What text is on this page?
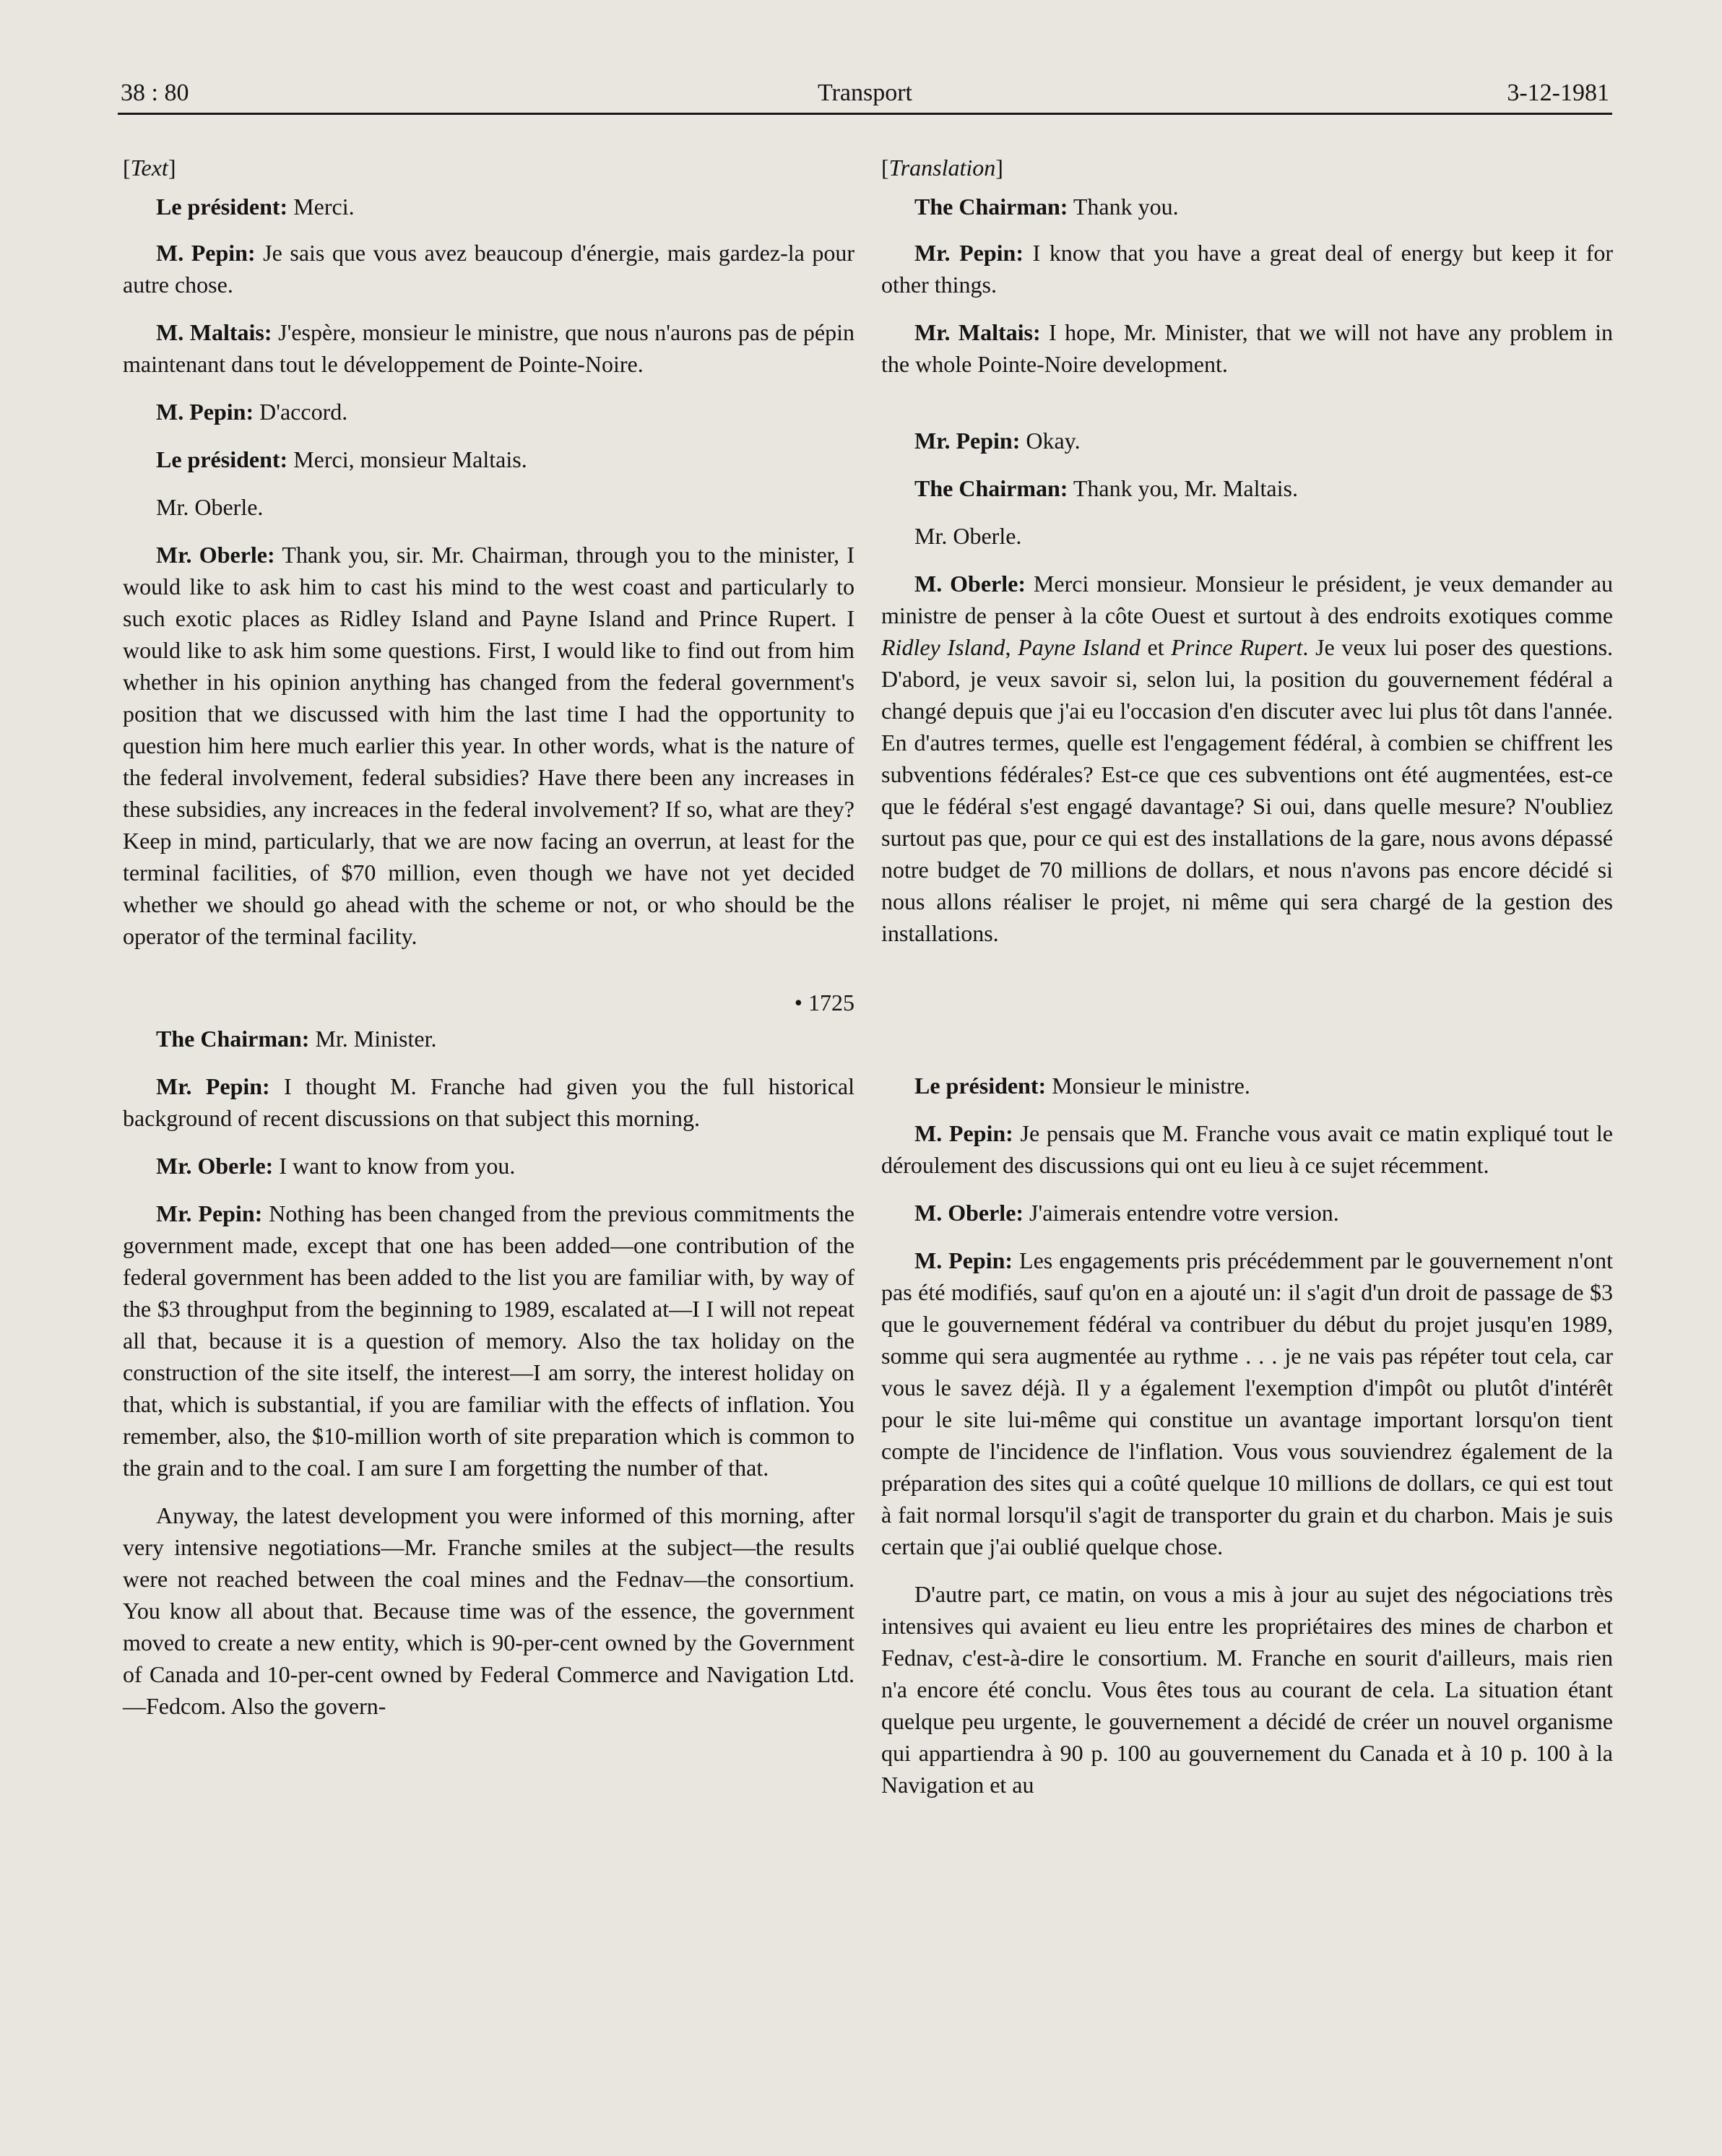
38 : 80	Transport	3-12-1981

[Text]

Le président: Merci.

M. Pepin: Je sais que vous avez beaucoup d'énergie, mais gardez-la pour autre chose.

M. Maltais: J'espère, monsieur le ministre, que nous n'aurons pas de pépin maintenant dans tout le développement de Pointe-Noire.

M. Pepin: D'accord.

Le président: Merci, monsieur Maltais.

Mr. Oberle.

Mr. Oberle: Thank you, sir. Mr. Chairman, through you to the minister, I would like to ask him to cast his mind to the west coast and particularly to such exotic places as Ridley Island and Payne Island and Prince Rupert. I would like to ask him some questions. First, I would like to find out from him whether in his opinion anything has changed from the federal government's position that we discussed with him the last time I had the opportunity to question him here much earlier this year. In other words, what is the nature of the federal involvement, federal subsidies? Have there been any increases in these subsidies, any increaces in the federal involvement? If so, what are they? Keep in mind, particularly, that we are now facing an overrun, at least for the terminal facilities, of $70 million, even though we have not yet decided whether we should go ahead with the scheme or not, or who should be the operator of the terminal facility.

• 1725

The Chairman: Mr. Minister.

Mr. Pepin: I thought M. Franche had given you the full historical background of recent discussions on that subject this morning.

Mr. Oberle: I want to know from you.

Mr. Pepin: Nothing has been changed from the previous commitments the government made, except that one has been added—one contribution of the federal government has been added to the list you are familiar with, by way of the $3 throughput from the beginning to 1989, escalated at—I I will not repeat all that, because it is a question of memory. Also the tax holiday on the construction of the site itself, the interest—I am sorry, the interest holiday on that, which is substantial, if you are familiar with the effects of inflation. You remember, also, the $10-million worth of site preparation which is common to the grain and to the coal. I am sure I am forgetting the number of that.

Anyway, the latest development you were informed of this morning, after very intensive negotiations—Mr. Franche smiles at the subject—the results were not reached between the coal mines and the Fednav—the consortium. You know all about that. Because time was of the essence, the government moved to create a new entity, which is 90-per-cent owned by the Government of Canada and 10-per-cent owned by Federal Commerce and Navigation Ltd.—Fedcom. Also the govern-

[Translation]

The Chairman: Thank you.

Mr. Pepin: I know that you have a great deal of energy but keep it for other things.

Mr. Maltais: I hope, Mr. Minister, that we will not have any problem in the whole Pointe-Noire development.

Mr. Pepin: Okay.

The Chairman: Thank you, Mr. Maltais.

Mr. Oberle.

M. Oberle: Merci monsieur. Monsieur le président, je veux demander au ministre de penser à la côte Ouest et surtout à des endroits exotiques comme Ridley Island, Payne Island et Prince Rupert. Je veux lui poser des questions. D'abord, je veux savoir si, selon lui, la position du gouvernement fédéral a changé depuis que j'ai eu l'occasion d'en discuter avec lui plus tôt dans l'année. En d'autres termes, quelle est l'engagement fédéral, à combien se chiffrent les subventions fédérales? Est-ce que ces subventions ont été augmentées, est-ce que le fédéral s'est engagé davantage? Si oui, dans quelle mesure? N'oubliez surtout pas que, pour ce qui est des installations de la gare, nous avons dépassé notre budget de 70 millions de dollars, et nous n'avons pas encore décidé si nous allons réaliser le projet, ni même qui sera chargé de la gestion des installations.

Le président: Monsieur le ministre.

M. Pepin: Je pensais que M. Franche vous avait ce matin expliqué tout le déroulement des discussions qui ont eu lieu à ce sujet récemment.

M. Oberle: J'aimerais entendre votre version.

M. Pepin: Les engagements pris précédemment par le gouvernement n'ont pas été modifiés, sauf qu'on en a ajouté un: il s'agit d'un droit de passage de $3 que le gouvernement fédéral va contribuer du début du projet jusqu'en 1989, somme qui sera augmentée au rythme . . . je ne vais pas répéter tout cela, car vous le savez déjà. Il y a également l'exemption d'impôt ou plutôt d'intérêt pour le site lui-même qui constitue un avantage important lorsqu'on tient compte de l'incidence de l'inflation. Vous vous souviendrez également de la préparation des sites qui a coûté quelque 10 millions de dollars, ce qui est tout à fait normal lorsqu'il s'agit de transporter du grain et du charbon. Mais je suis certain que j'ai oublié quelque chose.

D'autre part, ce matin, on vous a mis à jour au sujet des négociations très intensives qui avaient eu lieu entre les propriétaires des mines de charbon et Fednav, c'est-à-dire le consortium. M. Franche en sourit d'ailleurs, mais rien n'a encore été conclu. Vous êtes tous au courant de cela. La situation étant quelque peu urgente, le gouvernement a décidé de créer un nouvel organisme qui appartiendra à 90 p. 100 au gouvernement du Canada et à 10 p. 100 à la Navigation et au
